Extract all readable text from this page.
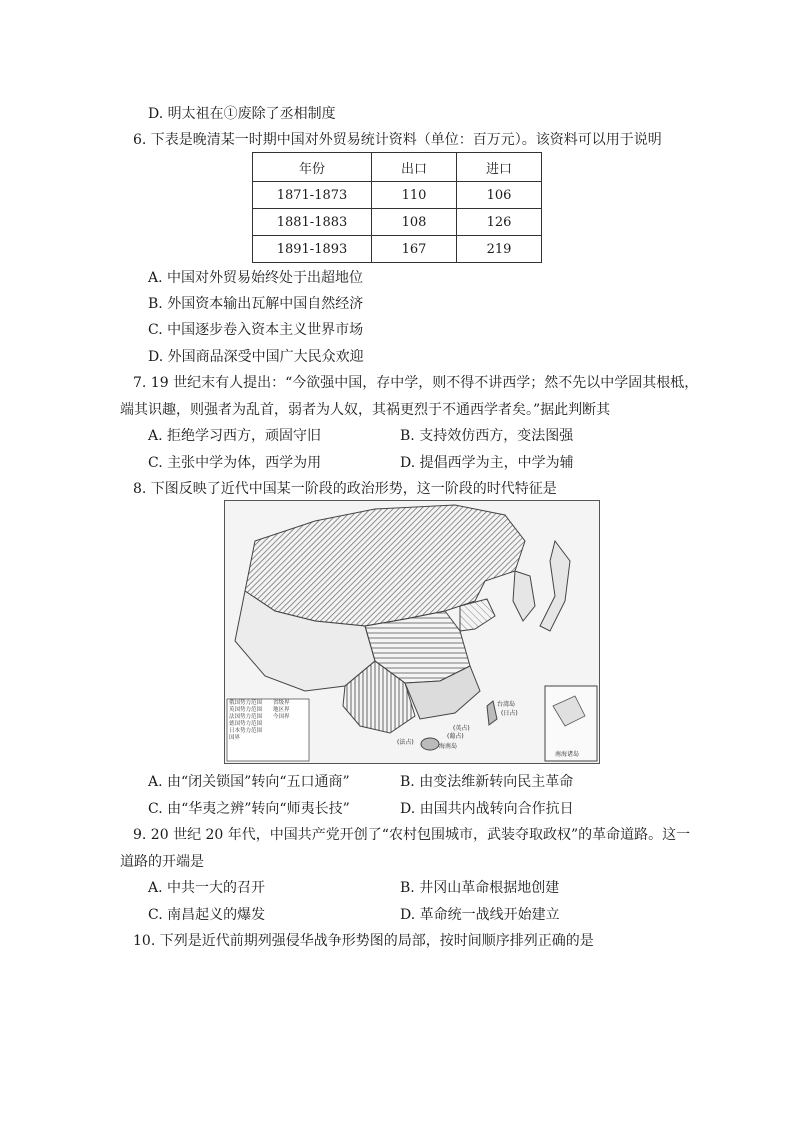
D. 明太祖在①废除了丞相制度
6. 下表是晚清某一时期中国对外贸易统计资料（单位：百万元）。该资料可以用于说明
年份	出口	进口
1871-1873	110	106
1881-1883	108	126
1891-1893	167	219
A. 中国对外贸易始终处于出超地位
B. 外国资本输出瓦解中国自然经济
C. 中国逐步卷入资本主义世界市场
D. 外国商品深受中国广大民众欢迎
7. 19 世纪末有人提出：“今欲强中国，存中学，则不得不讲西学；然不先以中学固其根柢，
端其识趣，则强者为乱首，弱者为人奴，其祸更烈于不通西学者矣。”据此判断其
A. 拒绝学习西方，顽固守旧	B. 支持效仿西方，变法图强
C. 主张中学为体，西学为用	D. 提倡西学为主，中学为辅
8. 下图反映了近代中国某一阶段的政治形势，这一阶段的时代特征是
俄国势力范围
英国势力范围
法国势力范围
德国势力范围
日本势力范围
国界
省级界
地区界
今国界
台湾岛
(日占)
海南岛
南海诸岛
(英占)
(葡占)
(法占)
A. 由“闭关锁国”转向“五口通商”	B. 由变法维新转向民主革命
C. 由“华夷之辨”转向“师夷长技”	D. 由国共内战转向合作抗日
9. 20 世纪 20 年代，中国共产党开创了“农村包围城市，武装夺取政权”的革命道路。这一
道路的开端是
A. 中共一大的召开	B. 井冈山革命根据地创建
C. 南昌起义的爆发	D. 革命统一战线开始建立
10. 下列是近代前期列强侵华战争形势图的局部，按时间顺序排列正确的是
